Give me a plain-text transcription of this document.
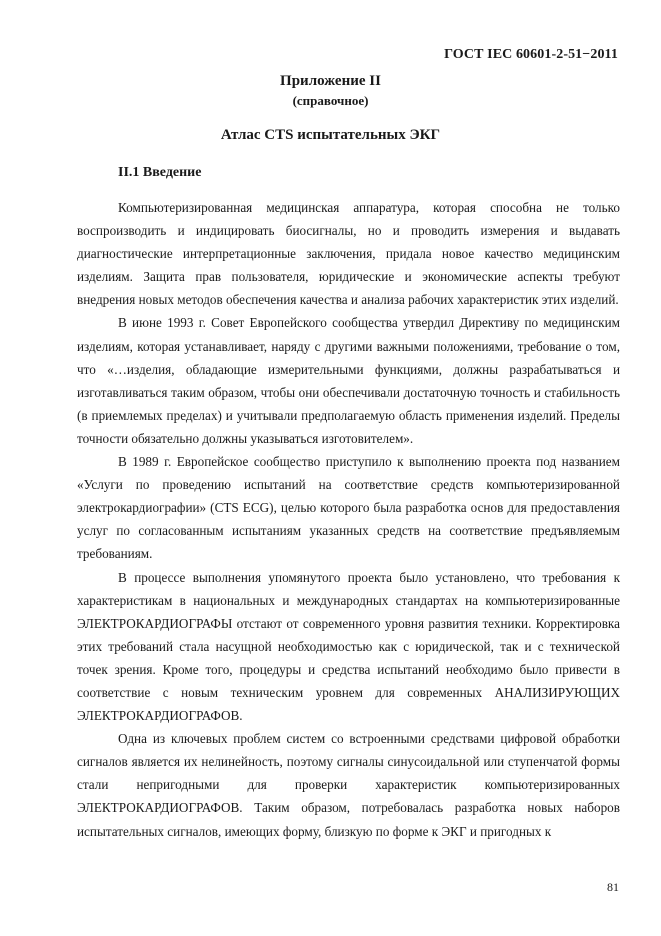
ГОСТ IEC 60601-2-51−2011
Приложение II
(справочное)
Атлас CTS испытательных ЭКГ
II.1 Введение

Компьютеризированная медицинская аппаратура, которая способна не только воспроизводить и индицировать биосигналы, но и проводить измерения и выдавать диагностические интерпретационные заключения, придала новое качество медицинским изделиям. Защита прав пользователя, юридические и экономические аспекты требуют внедрения новых методов обеспечения качества и анализа рабочих характеристик этих изделий.

В июне 1993 г. Совет Европейского сообщества утвердил Директиву по медицинским изделиям, которая устанавливает, наряду с другими важными положениями, требование о том, что «…изделия, обладающие измерительными функциями, должны разрабатываться и изготавливаться таким образом, чтобы они обеспечивали достаточную точность и стабильность (в приемлемых пределах) и учитывали предполагаемую область применения изделий. Пределы точности обязательно должны указываться изготовителем».

В 1989 г. Европейское сообщество приступило к выполнению проекта под названием «Услуги по проведению испытаний на соответствие средств компьютеризированной электрокардиографии» (CTS ECG), целью которого была разработка основ для предоставления услуг по согласованным испытаниям указанных средств на соответствие предъявляемым требованиям.

В процессе выполнения упомянутого проекта было установлено, что требования к характеристикам в национальных и международных стандартах на компьютеризированные ЭЛЕКТРОКАРДИОГРАФЫ отстают от современного уровня развития техники. Корректировка этих требований стала насущной необходимостью как с юридической, так и с технической точек зрения. Кроме того, процедуры и средства испытаний необходимо было привести в соответствие с новым техническим уровнем для современных АНАЛИЗИРУЮЩИХ ЭЛЕКТРОКАРДИОГРАФОВ.

Одна из ключевых проблем систем со встроенными средствами цифровой обработки сигналов является их нелинейность, поэтому сигналы синусоидальной или ступенчатой формы стали непригодными для проверки характеристик компьютеризированных ЭЛЕКТРОКАРДИОГРАФОВ. Таким образом, потребовалась разработка новых наборов испытательных сигналов, имеющих форму, близкую по форме к ЭКГ и пригодных к

81
